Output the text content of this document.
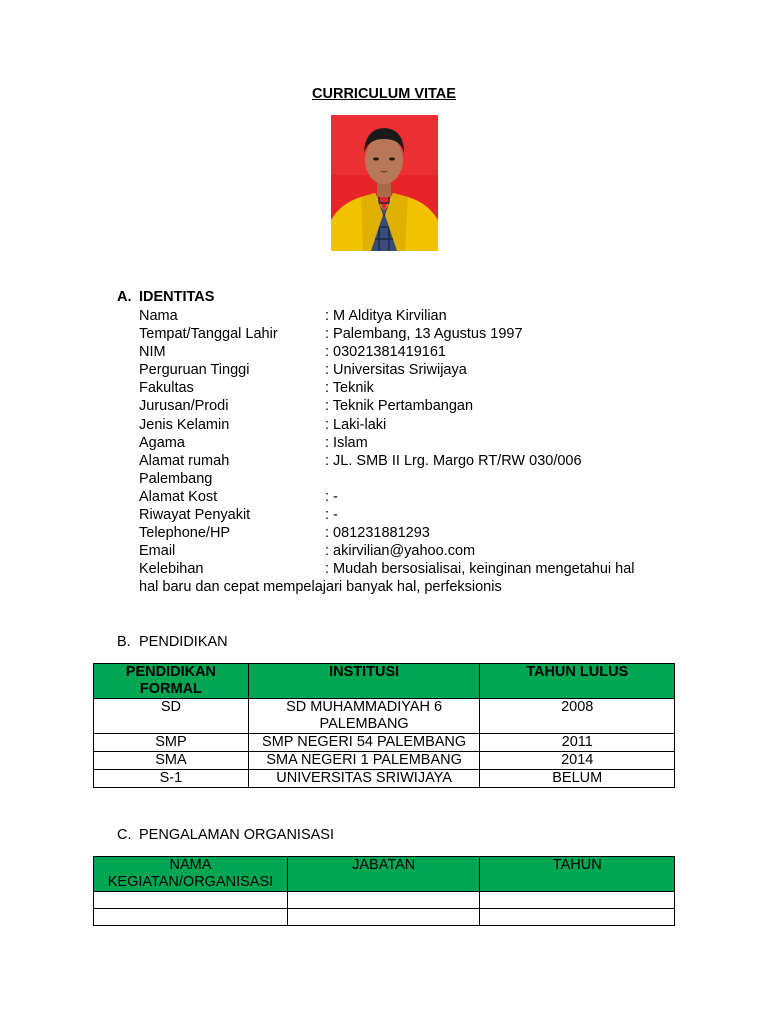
CURRICULUM VITAE
A. IDENTITAS
Nama	: M Alditya Kirvilian
Tempat/Tanggal Lahir	: Palembang, 13 Agustus 1997
NIM	: 03021381419161
Perguruan Tinggi	: Universitas Sriwijaya
Fakultas	: Teknik
Jurusan/Prodi	: Teknik Pertambangan
Jenis Kelamin	: Laki-laki
Agama	: Islam
Alamat rumah	: JL. SMB II Lrg. Margo RT/RW 030/006
Palembang
Alamat Kost	: -
Riwayat Penyakit	: -
Telephone/HP	: 081231881293
Email	: akirvilian@yahoo.com
Kelebihan	: Mudah bersosialisai, keinginan mengetahui hal
hal baru dan cepat mempelajari banyak hal, perfeksionis
B. PENDIDIKAN
PENDIDIKAN FORMAL	INSTITUSI	TAHUN LULUS
SD	SD MUHAMMADIYAH 6 PALEMBANG	2008
SMP	SMP NEGERI 54 PALEMBANG	2011
SMA	SMA NEGERI 1 PALEMBANG	2014
S-1	UNIVERSITAS SRIWIJAYA	BELUM
C. PENGALAMAN ORGANISASI
NAMA KEGIATAN/ORGANISASI	JABATAN	TAHUN
